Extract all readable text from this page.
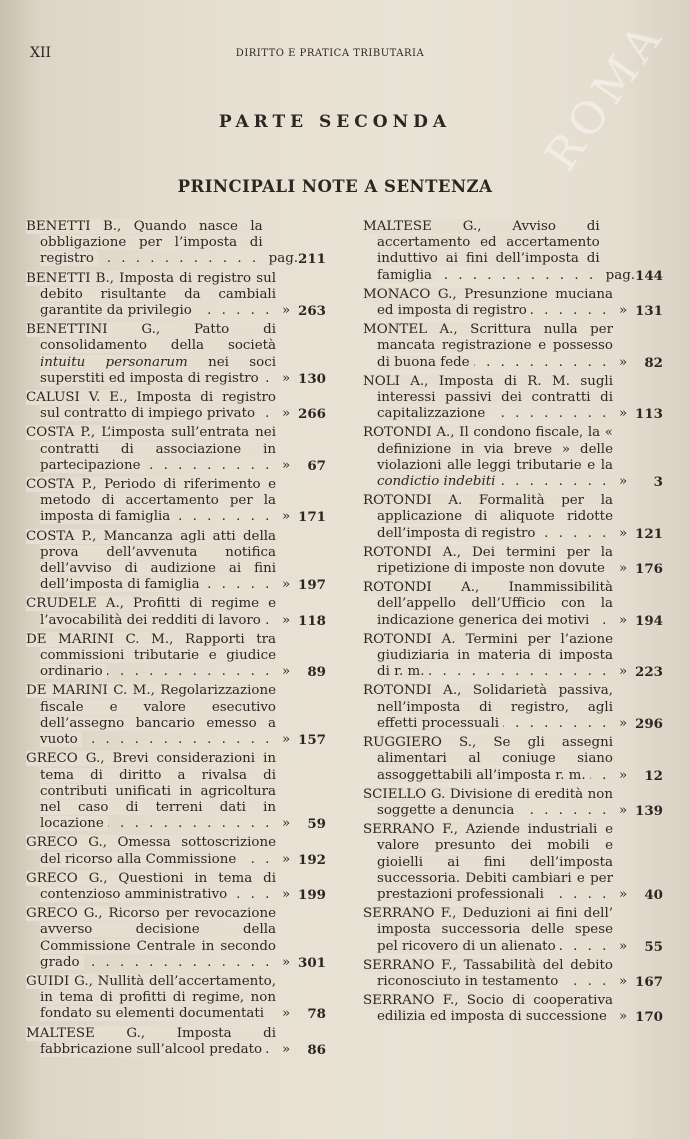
ROMA
XII	DIRITTO E PRATICA TRIBUTARIA
PARTE SECONDA
PRINCIPALI NOTE A SENTENZA
BENETTI B., Quando nasce la obbligazione per l’imposta di registro . . .	pag. 211
BENETTI B., Imposta di registro sul debito risultante da cambiali garantite da privilegio . . .	» 263
BENETTINI G., Patto di consolidamento della società intuitu personarum nei soci superstiti ed imposta di registro . . .	» 130
CALUSI V. E., Imposta di registro sul contratto di impiego privato . . .	» 266
COSTA P., L’imposta sull’entrata nei contratti di associazione in partecipazione . . .	» 67
COSTA P., Periodo di riferimento e metodo di accertamento per la imposta di famiglia . . .	» 171
COSTA P., Mancanza agli atti della prova dell’avvenuta notifica dell’avviso di audizione ai fini dell’imposta di famiglia . . .	» 197
CRUDELE A., Profitti di regime e l’avocabilità dei redditi di lavoro . . .	» 118
DE MARINI C. M., Rapporti tra commissioni tributarie e giudice ordinario . . .	» 89
DE MARINI C. M., Regolarizzazione fiscale e valore esecutivo dell’assegno bancario emesso a vuoto . . .	» 157
GRECO G., Brevi considerazioni in tema di diritto a rivalsa di contributi unificati in agricoltura nel caso di terreni dati in locazione . . .	» 59
GRECO G., Omessa sottoscrizione del ricorso alla Commissione . . .	» 192
GRECO G., Questioni in tema di contenzioso amministrativo . . .	» 199
GRECO G., Ricorso per revocazione avverso decisione della Commissione Centrale in secondo grado . . .	» 301
GUIDI G., Nullità dell’accertamento, in tema di profitti di regime, non fondato su elementi documentati . . .	» 78
MALTESE G., Imposta di fabbricazione sull’alcool predato . . .	» 86
MALTESE G., Avviso di accertamento ed accertamento induttivo ai fini dell’imposta di famiglia . . .	pag. 144
MONACO G., Presunzione muciana ed imposta di registro . . .	» 131
MONTEL A., Scrittura nulla per mancata registrazione e possesso di buona fede . . .	» 82
NOLI A., Imposta di R. M. sugli interessi passivi dei contratti di capitalizzazione . . .	» 113
ROTONDI A., Il condono fiscale, la « definizione in via breve » delle violazioni alle leggi tributarie e la condictio indebiti . . .	» 3
ROTONDI A. Formalità per la applicazione di aliquote ridotte dell’imposta di registro . . .	» 121
ROTONDI A., Dei termini per la ripetizione di imposte non dovute . . .	» 176
ROTONDI A., Inammissibilità dell’appello dell’Ufficio con la indicazione generica dei motivi . . .	» 194
ROTONDI A. Termini per l’azione giudiziaria in materia di imposta di r. m. . . .	» 223
ROTONDI A., Solidarietà passiva, nell’imposta di registro, agli effetti processuali . . .	» 296
RUGGIERO S., Se gli assegni alimentari al coniuge siano assoggettabili all’imposta r. m. . . .	» 12
SCIELLO G. Divisione di eredità non soggette a denuncia . . .	» 139
SERRANO F., Aziende industriali e valore presunto dei mobili e gioielli ai fini dell’imposta successoria. Debiti cambiari e per prestazioni professionali . . .	» 40
SERRANO F., Deduzioni ai fini dell’ imposta successoria delle spese pel ricovero di un alienato . . .	» 55
SERRANO F., Tassabilità del debito riconosciuto in testamento . . .	» 167
SERRANO F., Socio di cooperativa edilizia ed imposta di successione . . . » 170
